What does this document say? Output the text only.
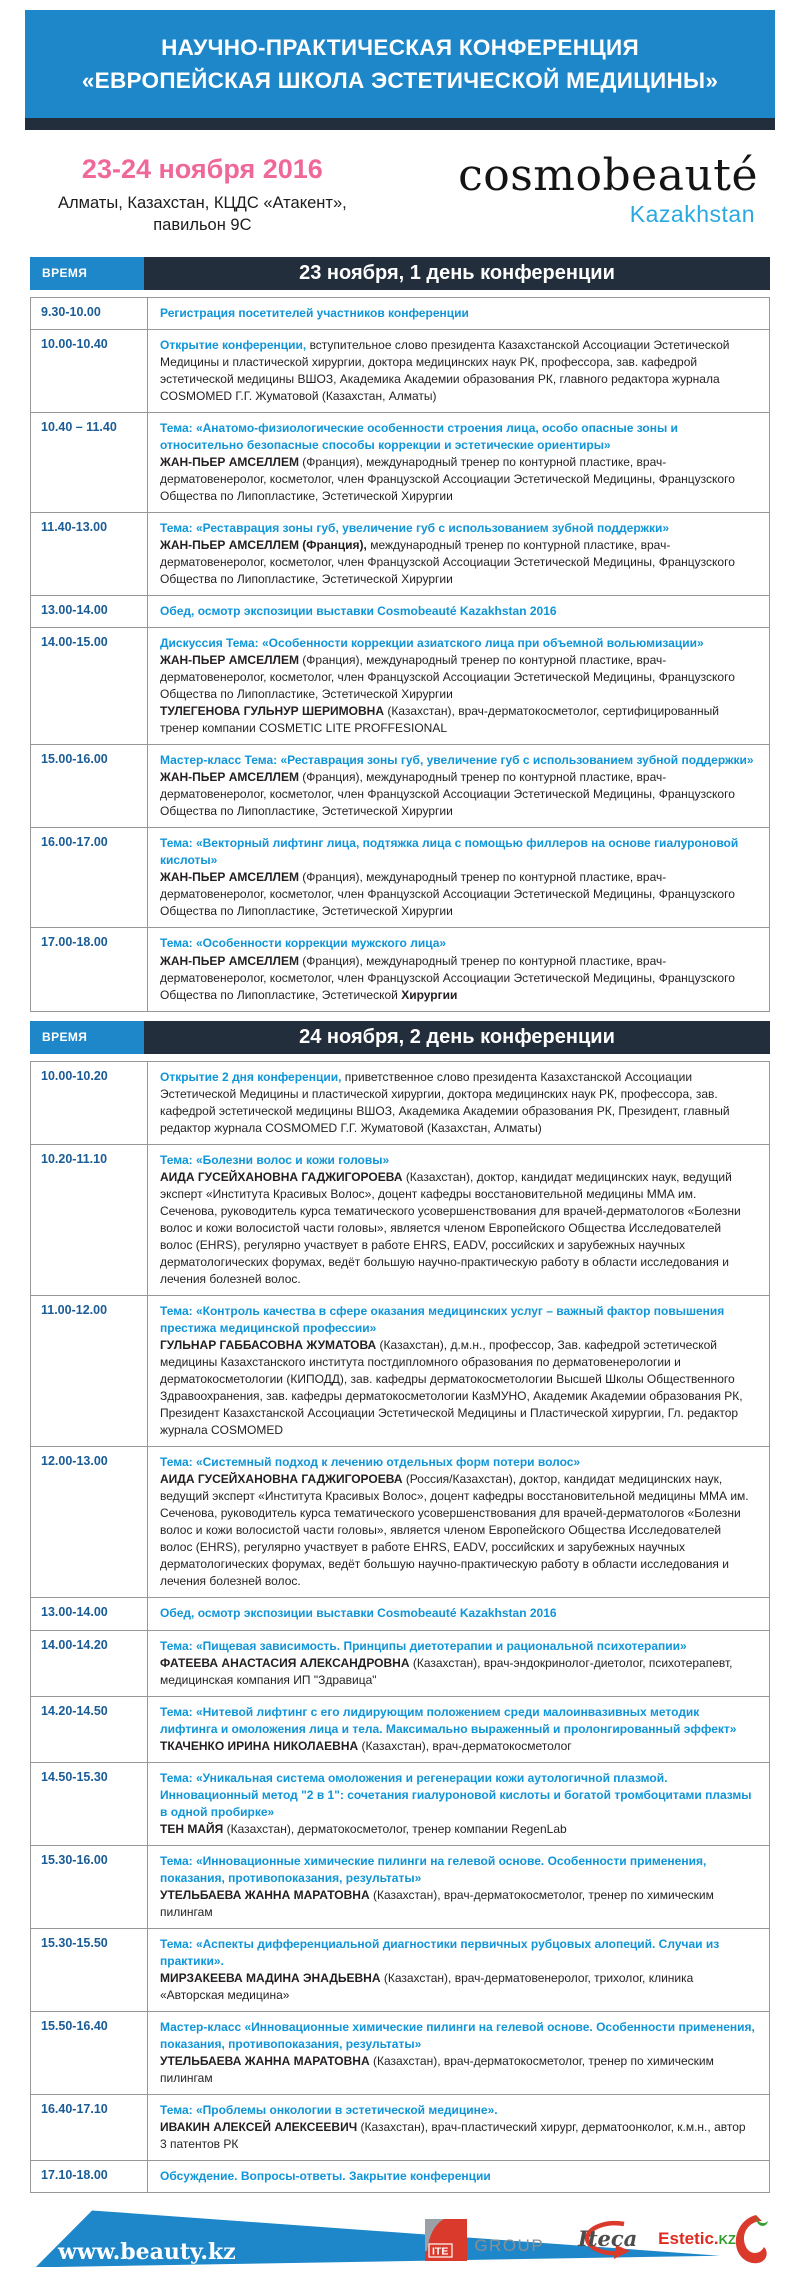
НАУЧНО-ПРАКТИЧЕСКАЯ КОНФЕРЕНЦИЯ
«ЕВРОПЕЙСКАЯ ШКОЛА ЭСТЕТИЧЕСКОЙ МЕДИЦИНЫ»
23-24 ноября 2016
Алматы, Казахстан, КЦДС «Атакент»,
павильон 9С
cosmobeauté
Kazakhstan
ВРЕМЯ	23 ноября, 1 день конференции
9.30-10.00	Регистрация посетителей участников конференции
10.00-10.40	Открытие конференции, вступительное слово президента Казахстанской Ассоциации Эстетической Медицины и пластической хирургии, доктора медицинских наук РК, профессора, зав. кафедрой эстетической медицины ВШОЗ, Академика Академии образования РК, главного редактора журнала COSMOMED Г.Г. Жуматовой (Казахстан, Алматы)
10.40 – 11.40	Тема: «Анатомо-физиологические особенности строения лица, особо опасные зоны и относительно безопасные способы коррекции и эстетические ориентиры»
ЖАН-ПЬЕР АМСЕЛЛЕМ (Франция), международный тренер по контурной пластике, врач-дерматовенеролог, косметолог, член Французской Ассоциации Эстетической Медицины, Французского Общества по Липопластике, Эстетической Хирургии
11.40-13.00	Тема: «Реставрация зоны губ, увеличение губ с использованием зубной поддержки»
ЖАН-ПЬЕР АМСЕЛЛЕМ (Франция), международный тренер по контурной пластике, врач-дерматовенеролог, косметолог, член Французской Ассоциации Эстетической Медицины, Французского Общества по Липопластике, Эстетической Хирургии
13.00-14.00	Обед, осмотр экспозиции выставки Cosmobeauté Kazakhstan 2016
14.00-15.00	Дискуссия Тема: «Особенности коррекции азиатского лица при объемной вольюмизации»
ЖАН-ПЬЕР АМСЕЛЛЕМ (Франция), международный тренер по контурной пластике, врач-дерматовенеролог, косметолог, член Французской Ассоциации Эстетической Медицины, Французского Общества по Липопластике, Эстетической Хирургии
ТУЛЕГЕНОВА ГУЛЬНУР ШЕРИМОВНА (Казахстан), врач-дерматокосметолог, сертифицированный тренер компании COSMETIC LITE PROFFESIONAL
15.00-16.00	Мастер-класс Тема: «Реставрация зоны губ, увеличение губ с использованием зубной поддержки»
ЖАН-ПЬЕР АМСЕЛЛЕМ (Франция), международный тренер по контурной пластике, врач-дерматовенеролог, косметолог, член Французской Ассоциации Эстетической Медицины, Французского Общества по Липопластике, Эстетической Хирургии
16.00-17.00	Тема: «Векторный лифтинг лица, подтяжка лица с помощью филлеров на основе гиалуроновой кислоты»
ЖАН-ПЬЕР АМСЕЛЛЕМ (Франция), международный тренер по контурной пластике, врач-дерматовенеролог, косметолог, член Французской Ассоциации Эстетической Медицины, Французского Общества по Липопластике, Эстетической Хирургии
17.00-18.00	Тема: «Особенности коррекции мужского лица»
ЖАН-ПЬЕР АМСЕЛЛЕМ (Франция), международный тренер по контурной пластике, врач-дерматовенеролог, косметолог, член Французской Ассоциации Эстетической Медицины, Французского Общества по Липопластике, Эстетической Хирургии
ВРЕМЯ	24 ноября, 2 день конференции
10.00-10.20	Открытие 2 дня конференции, приветственное слово президента Казахстанской Ассоциации Эстетической Медицины и пластической хирургии, доктора медицинских наук РК, профессора, зав. кафедрой эстетической медицины ВШОЗ, Академика Академии образования РК, Президент, главный редактор журнала COSMOMED Г.Г. Жуматовой (Казахстан, Алматы)
10.20-11.10	Тема: «Болезни волос и кожи головы»
АИДА ГУСЕЙХАНОВНА ГАДЖИГОРОЕВА (Казахстан), доктор, кандидат медицинских наук, ведущий эксперт «Института Красивых Волос», доцент кафедры восстановительной медицины ММА им. Сеченова, руководитель курса тематического усовершенствования для врачей-дерматологов «Болезни волос и кожи волосистой части головы», является членом Европейского Общества Исследователей волос (EHRS), регулярно участвует в работе EHRS, EADV, российских и зарубежных научных дерматологических форумах, ведёт большую научно-практическую работу в области исследования и лечения болезней волос.
11.00-12.00	Тема: «Контроль качества в сфере оказания медицинских услуг – важный фактор повышения престижа медицинской профессии»
ГУЛЬНАР ГАББАСОВНА ЖУМАТОВА (Казахстан), д.м.н., профессор, Зав. кафедрой эстетической медицины Казахстанского института постдипломного образования по дерматовенерологии и дерматокосметологии (КИПОДД), зав. кафедры дерматокосметологии Высшей Школы Общественного Здравоохранения, зав. кафедры дерматокосметологии КазМУНО, Академик Академии образования РК, Президент Казахстанской Ассоциации Эстетической Медицины и Пластической хирургии, Гл. редактор журнала COSMOMED
12.00-13.00	Тема: «Системный подход к лечению отдельных форм потери волос»
АИДА ГУСЕЙХАНОВНА ГАДЖИГОРОЕВА (Россия/Казахстан), доктор, кандидат медицинских наук, ведущий эксперт «Института Красивых Волос», доцент кафедры восстановительной медицины ММА им. Сеченова, руководитель курса тематического усовершенствования для врачей-дерматологов «Болезни волос и кожи волосистой части головы», является членом Европейского Общества Исследователей волос (EHRS), регулярно участвует в работе EHRS, EADV, российских и зарубежных научных дерматологических форумах, ведёт большую научно-практическую работу в области исследования и лечения болезней волос.
13.00-14.00	Обед, осмотр экспозиции выставки Cosmobeauté Kazakhstan 2016
14.00-14.20	Тема: «Пищевая зависимость. Принципы диетотерапии и рациональной психотерапии»
ФАТЕЕВА АНАСТАСИЯ АЛЕКСАНДРОВНА (Казахстан), врач-эндокринолог-диетолог, психотерапевт, медицинская компания ИП "Здравица"
14.20-14.50	Тема: «Нитевой лифтинг с его лидирующим положением среди малоинвазивных методик лифтинга и омоложения лица и тела. Максимально выраженный и пролонгированный эффект»
ТКАЧЕНКО ИРИНА НИКОЛАЕВНА (Казахстан), врач-дерматокосметолог
14.50-15.30	Тема: «Уникальная система омоложения и регенерации кожи аутологичной плазмой. Инновационный метод "2 в 1": сочетания гиалуроновой кислоты и богатой тромбоцитами плазмы в одной пробирке»
ТЕН МАЙЯ (Казахстан), дерматокосметолог, тренер компании RegenLab
15.30-16.00	Тема: «Инновационные химические пилинги на гелевой основе. Особенности применения, показания, противопоказания, результаты»
УТЕЛЬБАЕВА ЖАННА МАРАТОВНА (Казахстан), врач-дерматокосметолог, тренер по химическим пилингам
15.30-15.50	Тема: «Аспекты дифференциальной диагностики первичных рубцовых алопеций. Случаи из практики».
МИРЗАКЕЕВА МАДИНА ЭНАДЬЕВНА (Казахстан), врач-дерматовенеролог, трихолог, клиника «Авторская медицина»
15.50-16.40	Мастер-класс «Инновационные химические пилинги на гелевой основе. Особенности применения, показания, противопоказания, результаты»
УТЕЛЬБАЕВА ЖАННА МАРАТОВНА (Казахстан), врач-дерматокосметолог, тренер по химическим пилингам
16.40-17.10	Тема: «Проблемы онкологии в эстетической медицине».
ИВАКИН АЛЕКСЕЙ АЛЕКСЕЕВИЧ (Казахстан), врач-пластический хирург, дерматоонколог, к.м.н., автор 3 патентов РК
17.10-18.00	Обсуждение. Вопросы-ответы. Закрытие конференции
www.beauty.kz	ITE GROUP Iteca Estetic.KZ
